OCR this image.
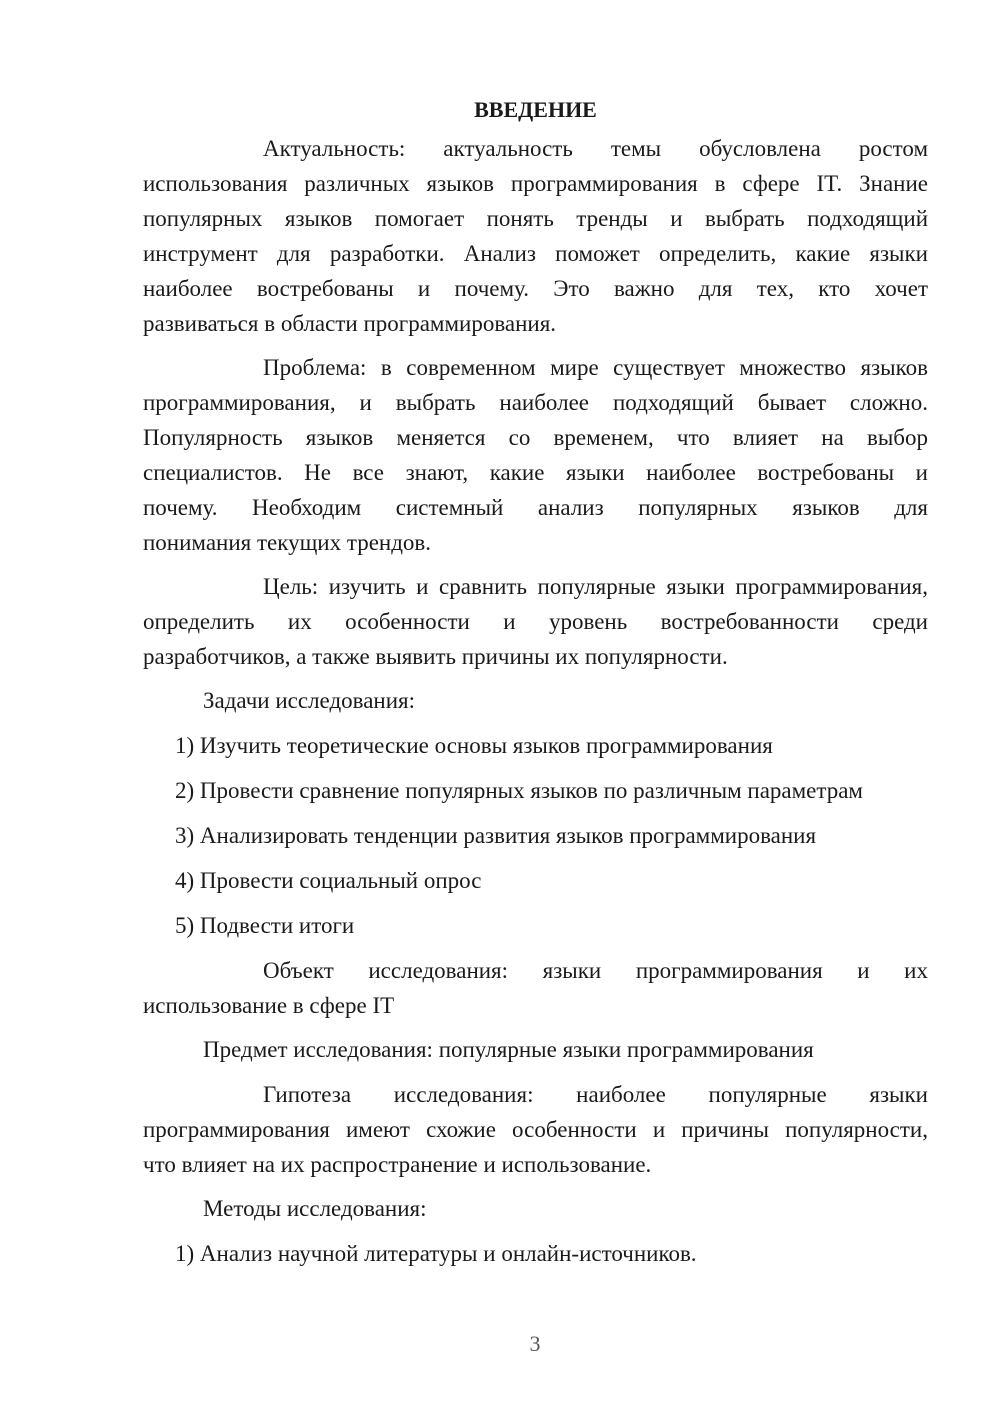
ВВЕДЕНИЕ
Актуальность: актуальность темы обусловлена ростом
использования различных языков программирования в сфере IT. Знание
популярных языков помогает понять тренды и выбрать подходящий
инструмент для разработки. Анализ поможет определить, какие языки
наиболее востребованы и почему. Это важно для тех, кто хочет
развиваться в области программирования.
Проблема: в современном мире существует множество языков
программирования, и выбрать наиболее подходящий бывает сложно.
Популярность языков меняется со временем, что влияет на выбор
специалистов. Не все знают, какие языки наиболее востребованы и
почему. Необходим системный анализ популярных языков для
понимания текущих трендов.
Цель: изучить и сравнить популярные языки программирования,
определить их особенности и уровень востребованности среди
разработчиков, а также выявить причины их популярности.
Задачи исследования:
1) Изучить теоретические основы языков программирования
2) Провести сравнение популярных языков по различным параметрам
3) Анализировать тенденции развития языков программирования
4) Провести социальный опрос
5) Подвести итоги
Объект исследования: языки программирования и их
использование в сфере IT
Предмет исследования: популярные языки программирования
Гипотеза исследования: наиболее популярные языки
программирования имеют схожие особенности и причины популярности,
что влияет на их распространение и использование.
Методы исследования:
1) Анализ научной литературы и онлайн-источников.
3
